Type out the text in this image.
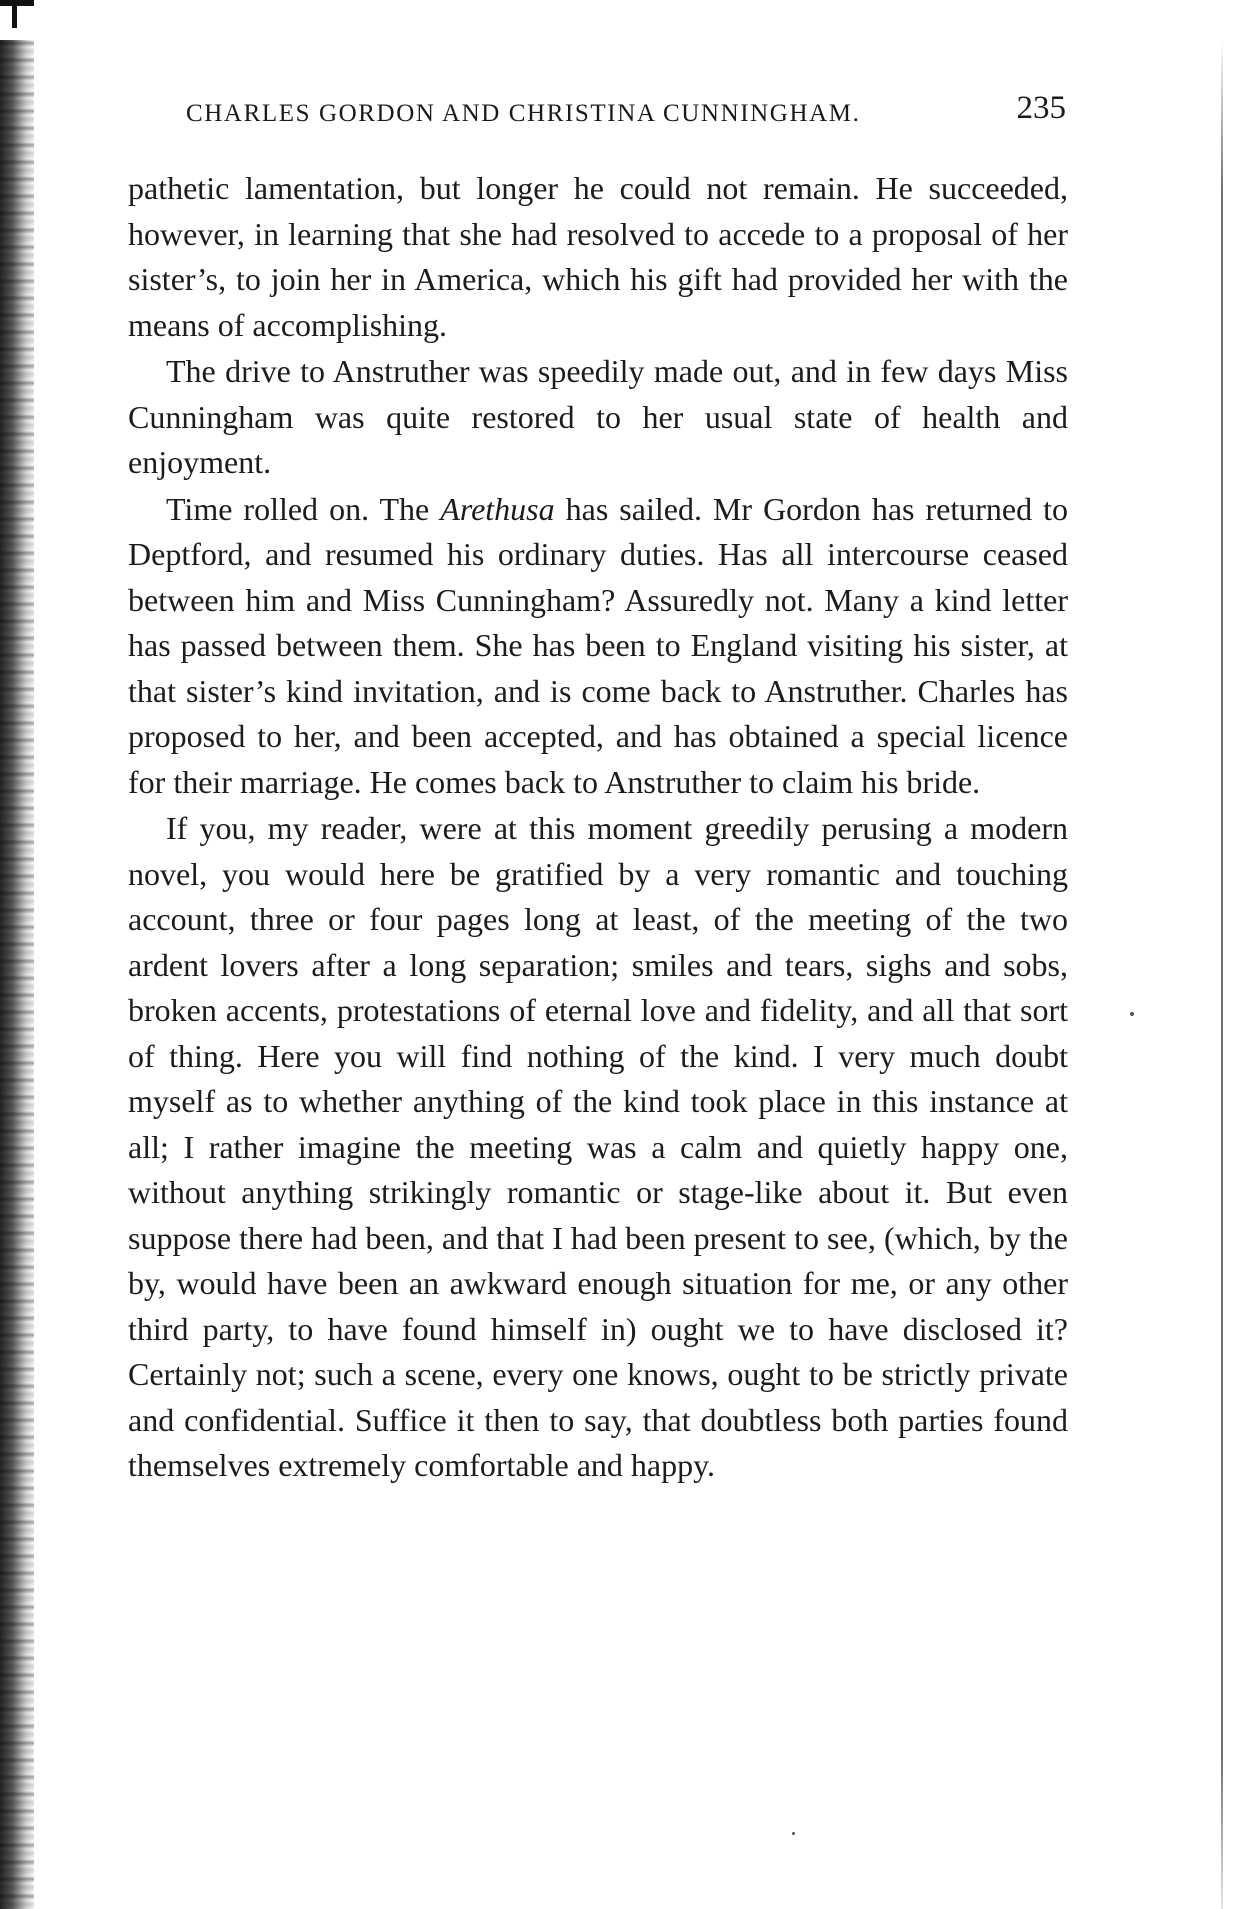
CHARLES GORDON AND CHRISTINA CUNNINGHAM.	235

pathetic lamentation, but longer he could not remain. He succeeded, however, in learning that she had resolved to accede to a proposal of her sister’s, to join her in America, which his gift had provided her with the means of accomplishing.

The drive to Anstruther was speedily made out, and in few days Miss Cunningham was quite restored to her usual state of health and enjoyment.

Time rolled on. The Arethusa has sailed. Mr Gordon has returned to Deptford, and resumed his ordinary duties. Has all intercourse ceased between him and Miss Cunningham? Assuredly not. Many a kind letter has passed between them. She has been to England visiting his sister, at that sister’s kind invitation, and is come back to Anstruther. Charles has proposed to her, and been accepted, and has obtained a special licence for their marriage. He comes back to Anstruther to claim his bride.

If you, my reader, were at this moment greedily perusing a modern novel, you would here be gratified by a very romantic and touching account, three or four pages long at least, of the meeting of the two ardent lovers after a long separation; smiles and tears, sighs and sobs, broken accents, protestations of eternal love and fidelity, and all that sort of thing. Here you will find nothing of the kind. I very much doubt myself as to whether anything of the kind took place in this instance at all; I rather imagine the meeting was a calm and quietly happy one, without anything strikingly romantic or stage-like about it. But even suppose there had been, and that I had been present to see, (which, by the by, would have been an awkward enough situation for me, or any other third party, to have found himself in) ought we to have disclosed it? Certainly not; such a scene, every one knows, ought to be strictly private and confidential. Suffice it then to say, that doubtless both parties found themselves extremely comfortable and happy.
